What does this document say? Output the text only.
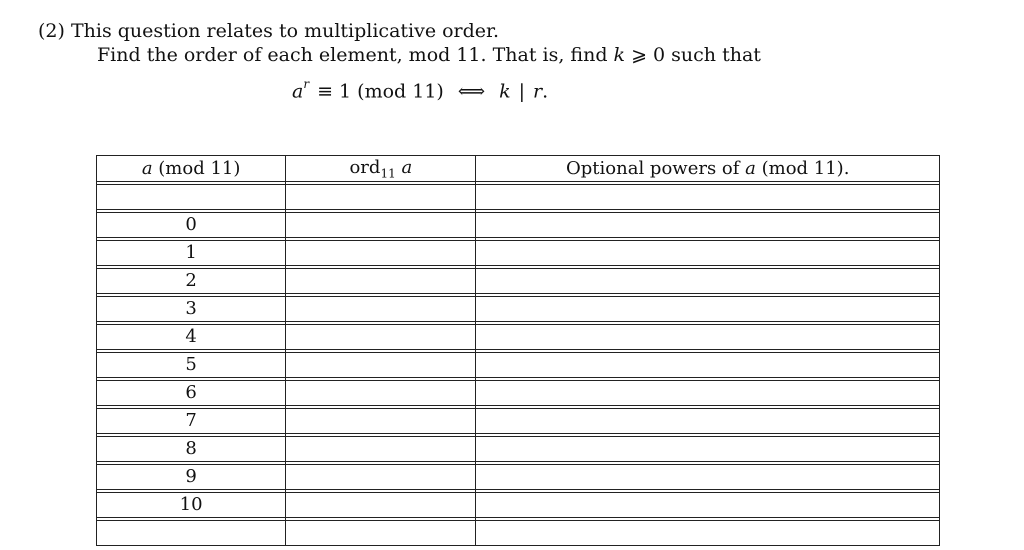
(2) This question relates to multiplicative order.
Find the order of each element, mod 11. That is, find k ⩾ 0 such that
$a^r \equiv 1$ (mod 11) ⟺ k | r.
a (mod 11)	ord$_{11}$ a	Optional powers of a (mod 11).

0		

1		

2		

3		

4		

5		

6		

7		

8		

9		

10		
